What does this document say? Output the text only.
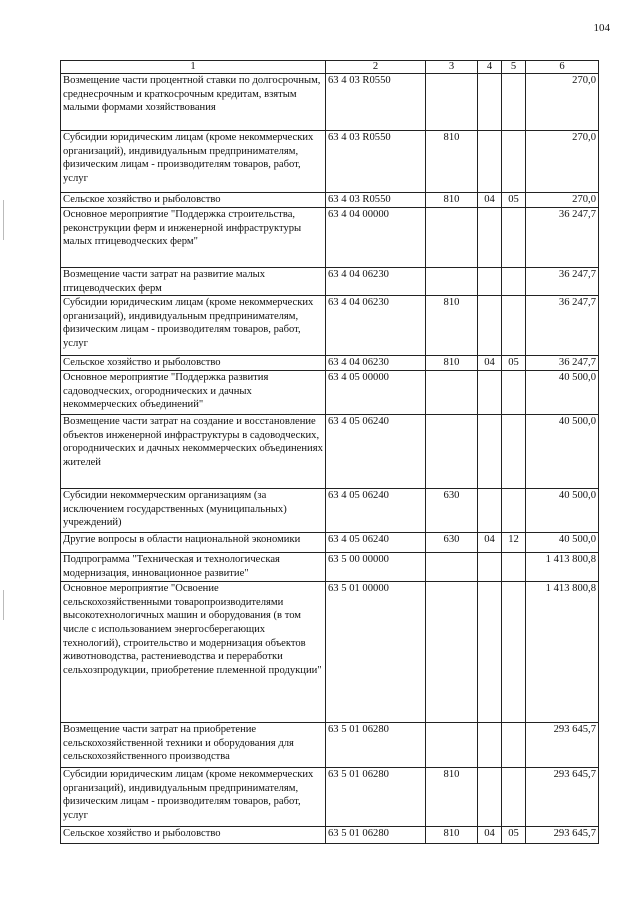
104
1	2	3	4	5	6
Возмещение части процентной ставки по долгосрочным, среднесрочным и краткосрочным кредитам, взятым малыми формами хозяйствования	63 4 03 R0550				270,0
Субсидии юридическим лицам (кроме некоммерческих организаций), индивидуальным предпринимателям, физическим лицам - производителям товаров, работ, услуг	63 4 03 R0550	810			270,0
Сельское хозяйство и рыболовство	63 4 03 R0550	810	04	05	270,0
Основное мероприятие "Поддержка строительства, реконструкции ферм и инженерной инфраструктуры малых птицеводческих ферм"	63 4 04 00000				36 247,7
Возмещение части затрат на развитие малых птицеводческих ферм	63 4 04 06230				36 247,7
Субсидии юридическим лицам (кроме некоммерческих организаций), индивидуальным предпринимателям, физическим лицам - производителям товаров, работ, услуг	63 4 04 06230	810			36 247,7
Сельское хозяйство и рыболовство	63 4 04 06230	810	04	05	36 247,7
Основное мероприятие "Поддержка развития садоводческих, огороднических и дачных некоммерческих объединений"	63 4 05 00000				40 500,0
Возмещение части затрат на создание и восстановление объектов инженерной инфраструктуры в садоводческих, огороднических и дачных некоммерческих объединениях жителей	63 4 05 06240				40 500,0
Субсидии некоммерческим организациям (за исключением государственных (муниципальных) учреждений)	63 4 05 06240	630			40 500,0
Другие вопросы в области национальной экономики	63 4 05 06240	630	04	12	40 500,0
Подпрограмма "Техническая и технологическая модернизация, инновационное развитие"	63 5 00 00000				1 413 800,8
Основное мероприятие "Освоение сельскохозяйственными товаропроизводителями высокотехнологичных машин и оборудования (в том числе с использованием энергосберегающих технологий), строительство и модернизация объектов животноводства, растениеводства и переработки сельхозпродукции, приобретение племенной продукции"	63 5 01 00000				1 413 800,8
Возмещение части затрат на приобретение сельскохозяйственной техники и оборудования для сельскохозяйственного производства	63 5 01 06280				293 645,7
Субсидии юридическим лицам (кроме некоммерческих организаций), индивидуальным предпринимателям, физическим лицам - производителям товаров, работ, услуг	63 5 01 06280	810			293 645,7
Сельское хозяйство и рыболовство	63 5 01 06280	810	04	05	293 645,7
